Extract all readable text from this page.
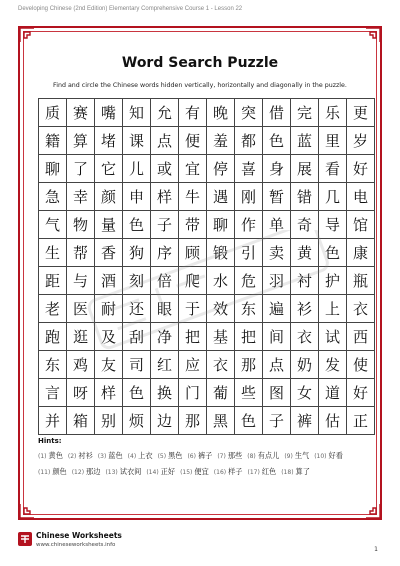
Developing Chinese (2nd Edition) Elementary Comprehensive Course 1 - Lesson 22
Word Search Puzzle
Find and circle the Chinese words hidden vertically, horizontally and diagonally in the puzzle.
质	赛	嘴	知	允	有	晚	突	借	完	乐	更
籍	算	堵	课	点	便	羞	都	色	蓝	里	岁
聊	了	它	儿	或	宜	停	喜	身	展	看	好
急	幸	颜	申	样	牛	遇	刚	暂	错	几	电
气	物	量	色	子	带	聊	作	单	奇	导	馆
生	帮	香	狗	序	顾	锻	引	卖	黄	色	康
距	与	酒	刻	倍	爬	水	危	羽	衬	护	瓶
老	医	耐	还	眼	于	效	东	遍	衫	上	衣
跑	逛	及	刮	净	把	基	把	间	衣	试	西
东	鸡	友	司	红	应	衣	那	点	奶	发	使
言	呀	样	色	换	门	葡	些	图	女	道	好
并	箱	别	烦	边	那	黑	色	子	裤	估	正
Hints:
(1) 黄色 (2) 衬衫 (3) 蓝色 (4) 上衣 (5) 黑色 (6) 裤子 (7) 那些 (8) 有点儿 (9) 生气 (10) 好看(11) 颜色 (12) 那边 (13) 试衣间 (14) 正好 (15) 便宜 (16) 样子 (17) 红色 (18) 算了
Chinese Worksheets
www.chineseworksheets.info
1
